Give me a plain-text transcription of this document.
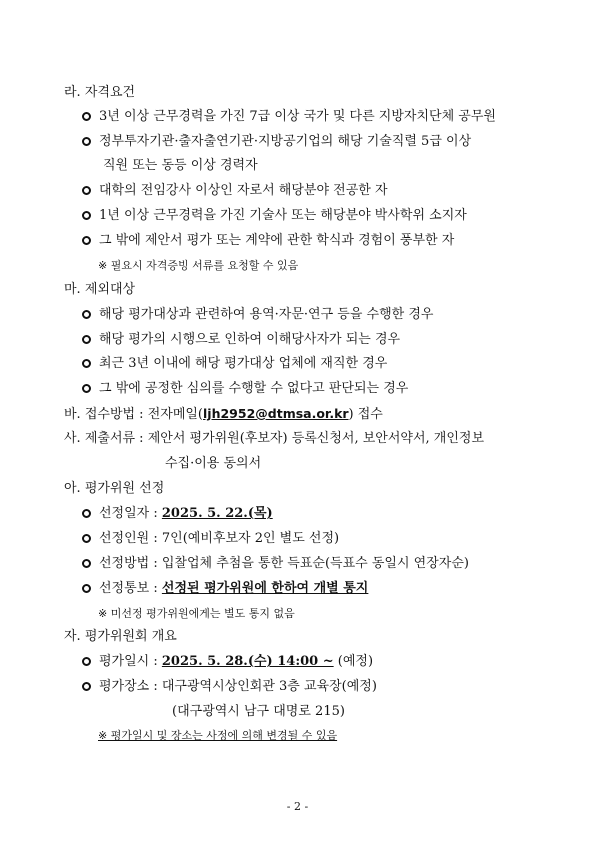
라. 자격요건
3년 이상 근무경력을 가진 7급 이상 국가 및 다른 지방자치단체 공무원
정부투자기관·출자출연기관·지방공기업의 해당 기술직렬 5급 이상
직원 또는 동등 이상 경력자
대학의 전임강사 이상인 자로서 해당분야 전공한 자
1년 이상 근무경력을 가진 기술사 또는 해당분야 박사학위 소지자
그 밖에 제안서 평가 또는 계약에 관한 학식과 경험이 풍부한 자
※ 필요시 자격증빙 서류를 요청할 수 있음
마. 제외대상
해당 평가대상과 관련하여 용역·자문·연구 등을 수행한 경우
해당 평가의 시행으로 인하여 이해당사자가 되는 경우
최근 3년 이내에 해당 평가대상 업체에 재직한 경우
그 밖에 공정한 심의를 수행할 수 없다고 판단되는 경우
바. 접수방법 : 전자메일(ljh2952@dtmsa.or.kr) 접수
사. 제출서류 : 제안서 평가위원(후보자) 등록신청서, 보안서약서, 개인정보
수집·이용 동의서
아. 평가위원 선정
선정일자 : 2025. 5. 22.(목)
선정인원 : 7인(예비후보자 2인 별도 선정)
선정방법 : 입찰업체 추첨을 통한 득표순(득표수 동일시 연장자순)
선정통보 : 선정된 평가위원에 한하여 개별 통지
※ 미선정 평가위원에게는 별도 통지 없음
자. 평가위원회 개요
평가일시 : 2025. 5. 28.(수) 14:00 ~ (예정)
평가장소 : 대구광역시상인회관 3층 교육장(예정)
(대구광역시 남구 대명로 215)
※ 평가일시 및 장소는 사정에 의해 변경될 수 있음
- 2 -
